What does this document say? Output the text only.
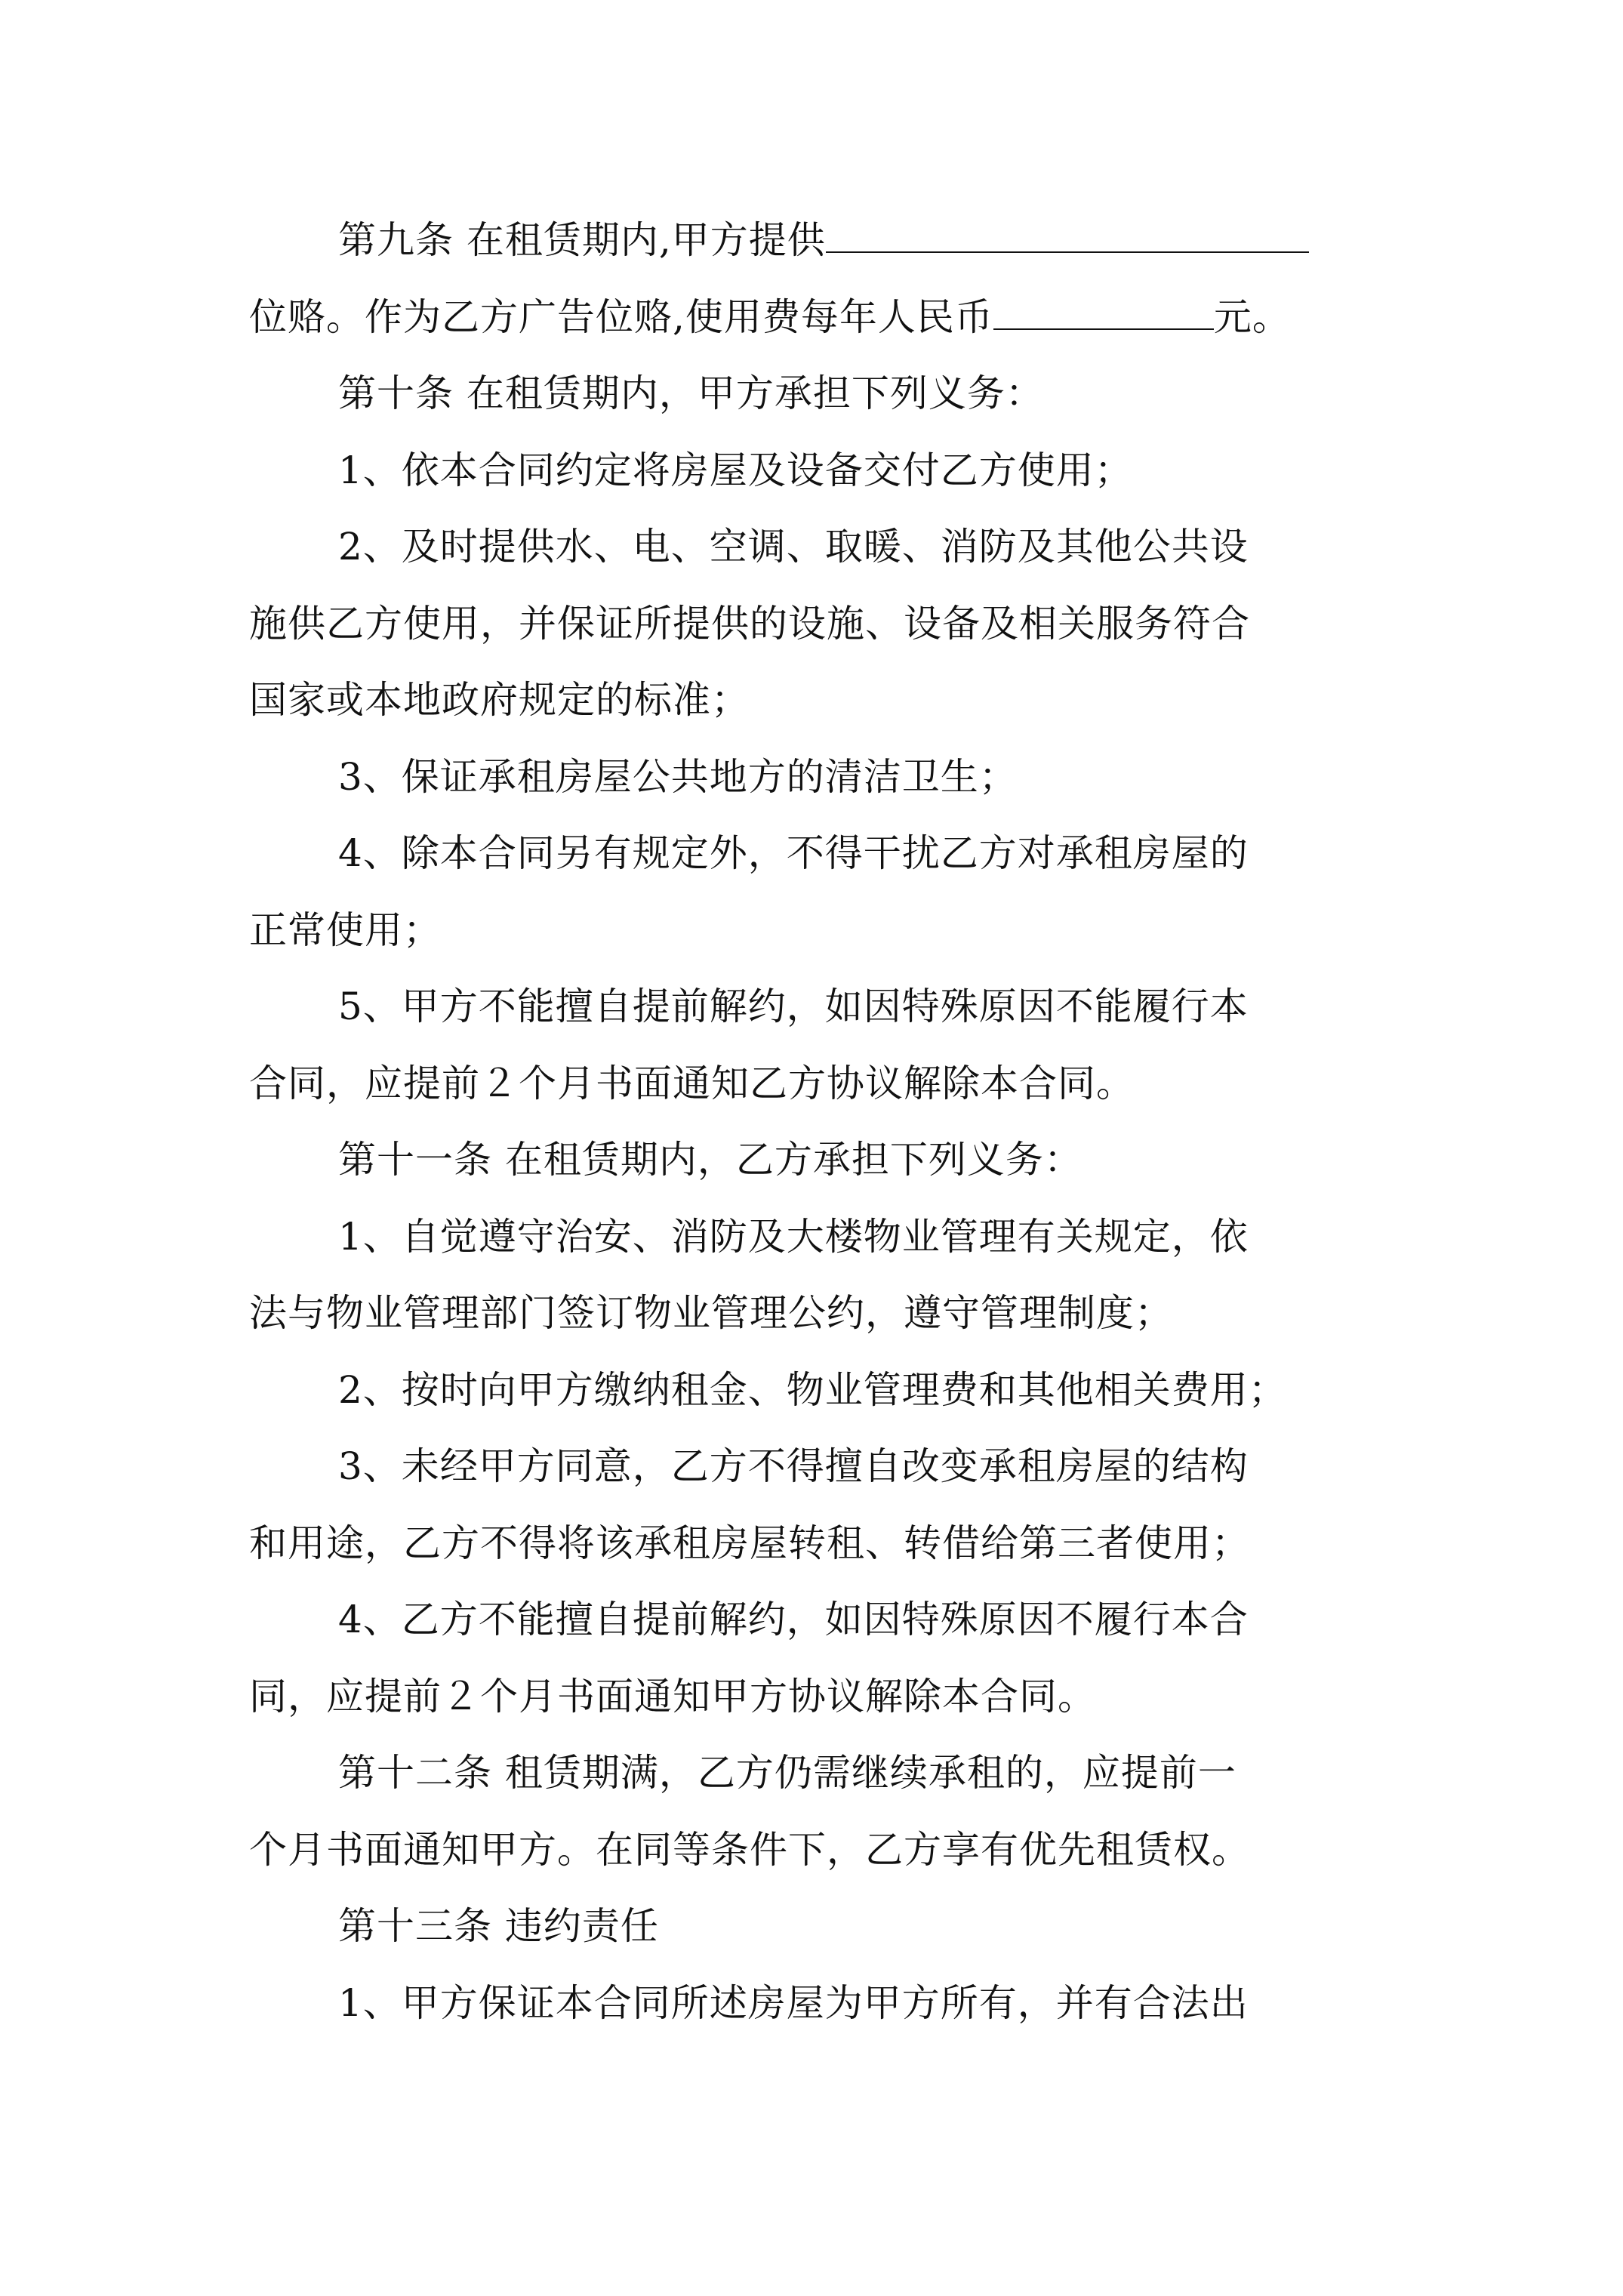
第九条 在租赁期内,甲方提供
位赂。作为乙方广告位赂,使用费每年人民币	元。
第十条 在租赁期内，甲方承担下列义务：
1、依本合同约定将房屋及设备交付乙方使用；
2、及时提供水、电、空调、取暖、消防及其他公共设
施供乙方使用，并保证所提供的设施、设备及相关服务符合
国家或本地政府规定的标准；
3、保证承租房屋公共地方的清洁卫生；
4、除本合同另有规定外，不得干扰乙方对承租房屋的
正常使用；
5、甲方不能擅自提前解约，如因特殊原因不能履行本
合同，应提前２个月书面通知乙方协议解除本合同。
第十一条 在租赁期内，乙方承担下列义务：
1、自觉遵守治安、消防及大楼物业管理有关规定，依
法与物业管理部门签订物业管理公约，遵守管理制度；
2、按时向甲方缴纳租金、物业管理费和其他相关费用；
3、未经甲方同意，乙方不得擅自改变承租房屋的结构
和用途，乙方不得将该承租房屋转租、转借给第三者使用；
4、乙方不能擅自提前解约，如因特殊原因不履行本合
同，应提前２个月书面通知甲方协议解除本合同。
第十二条 租赁期满，乙方仍需继续承租的，应提前一
个月书面通知甲方。在同等条件下，乙方享有优先租赁权。
第十三条 违约责任
1、甲方保证本合同所述房屋为甲方所有，并有合法出
